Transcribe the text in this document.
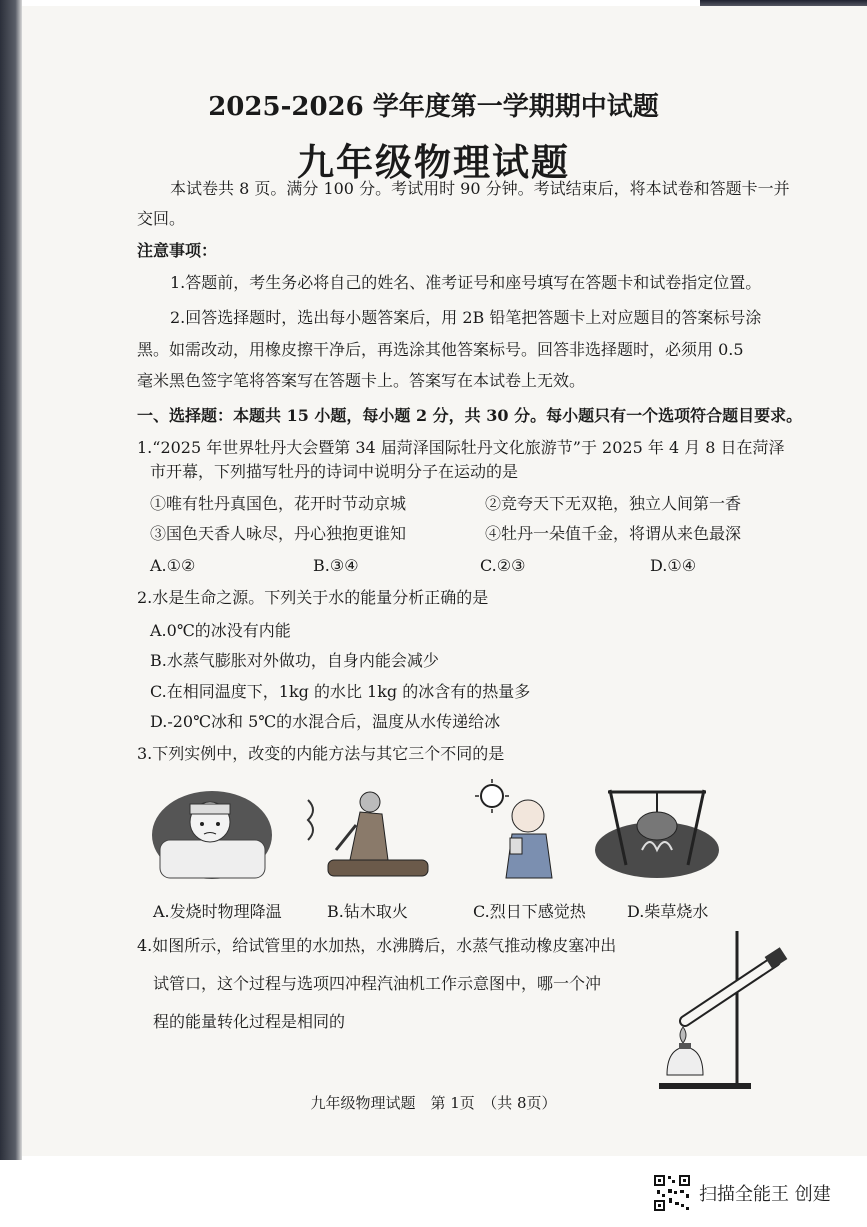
2025-2026 学年度第一学期期中试题
九年级物理试题
本试卷共 8 页。满分 100 分。考试用时 90 分钟。考试结束后，将本试卷和答题卡一并
交回。
注意事项：
1.答题前，考生务必将自己的姓名、准考证号和座号填写在答题卡和试卷指定位置。
2.回答选择题时，选出每小题答案后，用 2B 铅笔把答题卡上对应题目的答案标号涂
黑。如需改动，用橡皮擦干净后，再选涂其他答案标号。回答非选择题时，必须用 0.5
毫米黑色签字笔将答案写在答题卡上。答案写在本试卷上无效。
一、选择题：本题共 15 小题，每小题 2 分，共 30 分。每小题只有一个选项符合题目要求。
1.“2025 年世界牡丹大会暨第 34 届菏泽国际牡丹文化旅游节”于 2025 年 4 月 8 日在菏泽
市开幕，下列描写牡丹的诗词中说明分子在运动的是
①唯有牡丹真国色，花开时节动京城	②竞夸天下无双艳，独立人间第一香
③国色天香人咏尽，丹心独抱更谁知	④牡丹一朵值千金，将谓从来色最深
A.①②	B.③④	C.②③	D.①④
2.水是生命之源。下列关于水的能量分析正确的是
A.0℃的冰没有内能
B.水蒸气膨胀对外做功，自身内能会减少
C.在相同温度下，1kg 的水比 1kg 的冰含有的热量多
D.-20℃冰和 5℃的水混合后，温度从水传递给冰
3.下列实例中，改变的内能方法与其它三个不同的是
A.发烧时物理降温	B.钻木取火	C.烈日下感觉热	D.柴草烧水
4.如图所示，给试管里的水加热，水沸腾后，水蒸气推动橡皮塞冲出
试管口，这个过程与选项四冲程汽油机工作示意图中，哪一个冲
程的能量转化过程是相同的
九年级物理试题　第 1页　（共 8页）
扫描全能王 创建
